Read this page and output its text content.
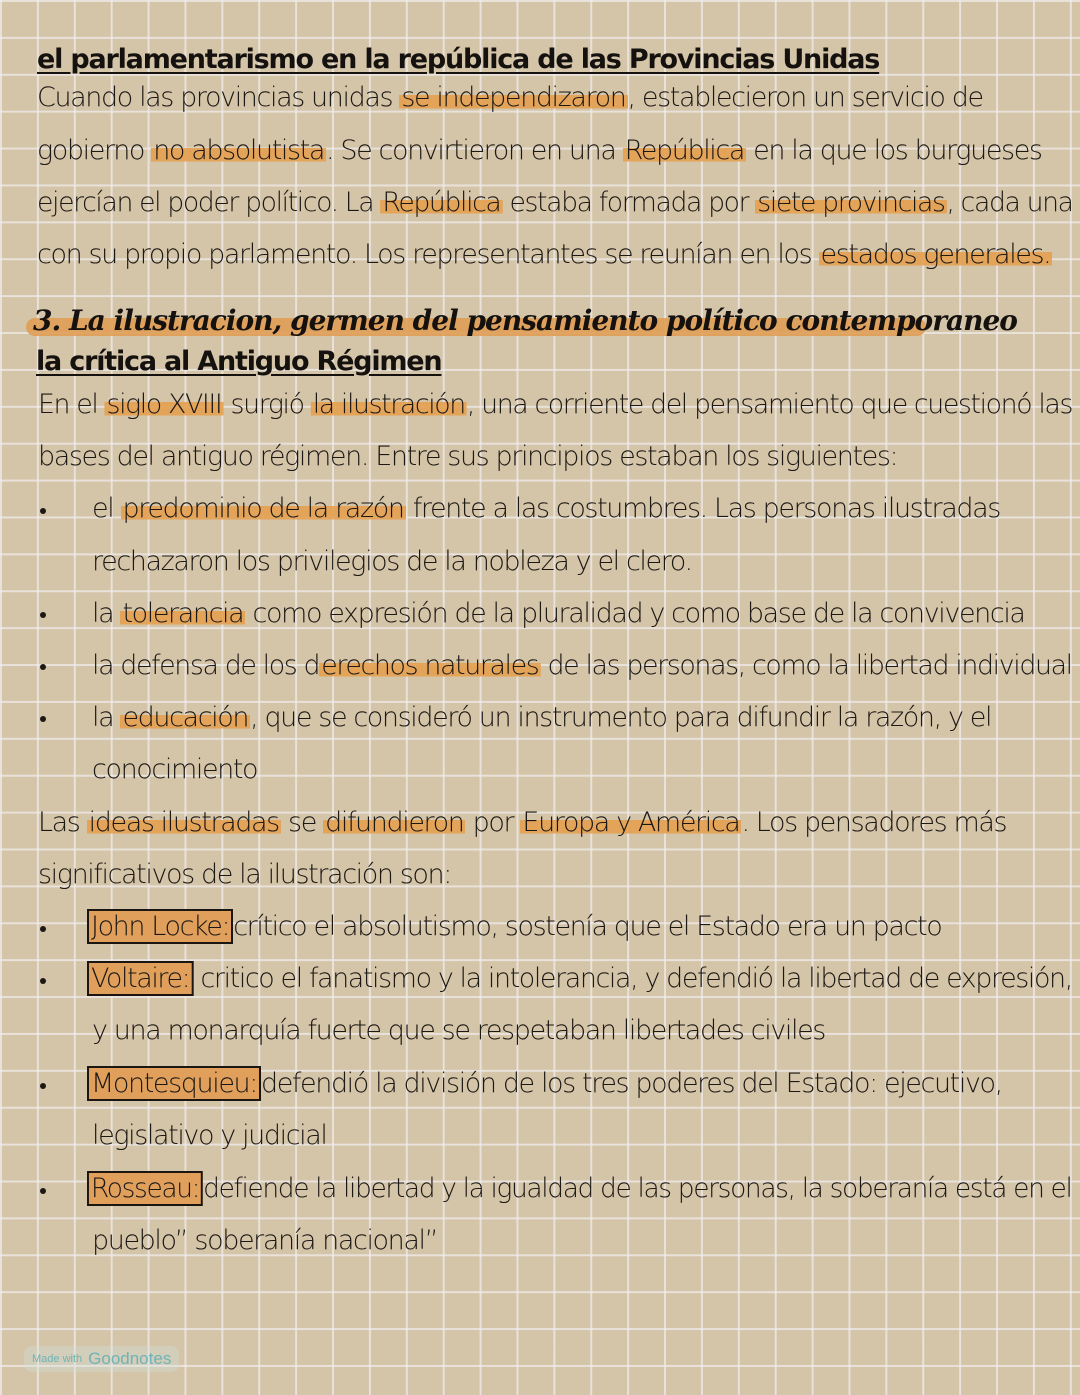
el parlamentarismo en la república de las Provincias Unidas
Cuando las provincias unidas se independizaron, establecieron un servicio de
gobierno no absolutista. Se convirtieron en una República en la que los burgueses
ejercían el poder político. La República estaba formada por siete provincias, cada una
con su propio parlamento. Los representantes se reunían en los estados generales.
3. La ilustracion, germen del pensamiento político contemporaneo
la crítica al Antiguo Régimen
En el siglo XVIII surgió la ilustración, una corriente del pensamiento que cuestionó las
bases del antiguo régimen. Entre sus principios estaban los siguientes:
el predominio de la razón frente a las costumbres. Las personas ilustradas
rechazaron los privilegios de la nobleza y el clero.
la tolerancia como expresión de la pluralidad y como base de la convivencia
la defensa de los derechos naturales de las personas, como la libertad individual
la educación, que se consideró un instrumento para difundir la razón, y el
conocimiento
Las ideas ilustradas se difundieron por Europa y América. Los pensadores más
significativos de la ilustración son:
John Locke: crítico el absolutismo, sostenía que el Estado era un pacto
Voltaire: critico el fanatismo y la intolerancia, y defendió la libertad de expresión,
y una monarquía fuerte que se respetaban libertades civiles
Montesquieu: defendió la división de los tres poderes del Estado: ejecutivo,
legislativo y judicial
Rosseau: defiende la libertad y la igualdad de las personas, la soberanía está en el
pueblo” soberanía nacional”
Made with Goodnotes
